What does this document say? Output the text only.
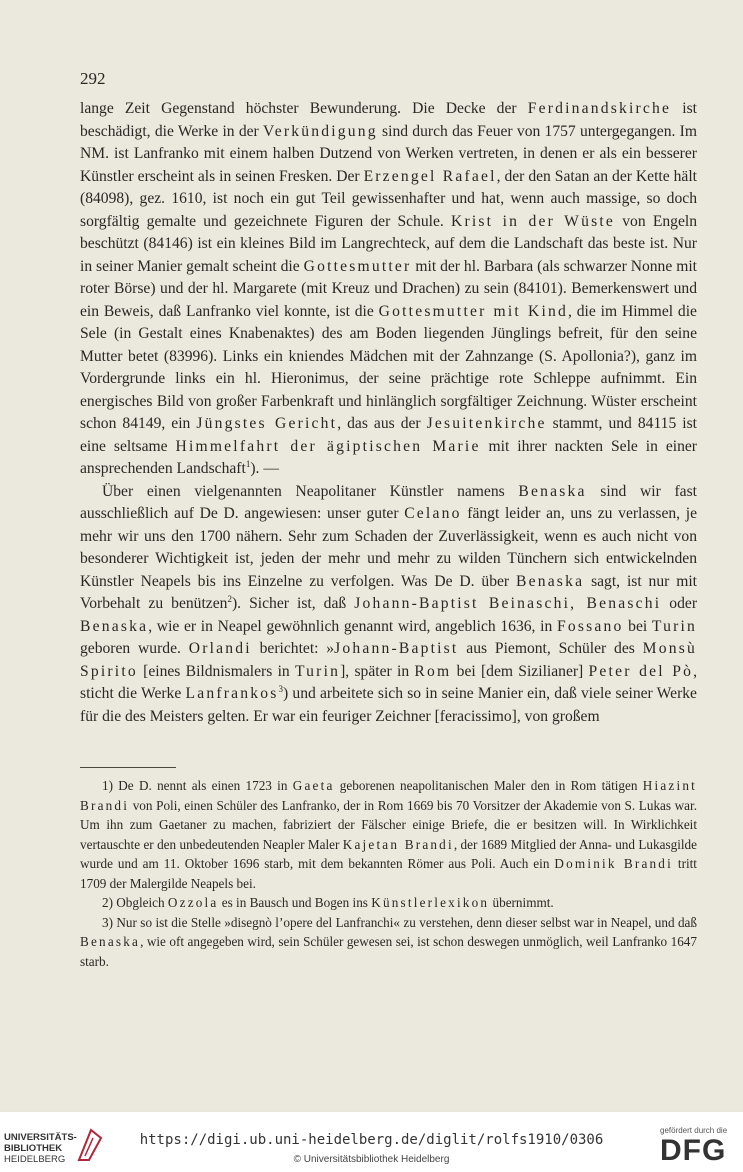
292

lange Zeit Gegenstand höchster Bewunderung. Die Decke der Ferdinandskirche ist beschädigt, die Werke in der Verkündigung sind durch das Feuer von 1757 untergegangen. Im NM. ist Lanfranko mit einem halben Dutzend von Werken vertreten, in denen er als ein besserer Künstler erscheint als in seinen Fresken. Der Erzengel Rafael, der den Satan an der Kette hält (84098), gez. 1610, ist noch ein gut Teil gewissenhafter und hat, wenn auch massige, so doch sorgfältig gemalte und gezeichnete Figuren der Schule. Krist in der Wüste von Engeln beschützt (84146) ist ein kleines Bild im Langrechteck, auf dem die Landschaft das beste ist. Nur in seiner Manier gemalt scheint die Gottesmutter mit der hl. Barbara (als schwarzer Nonne mit roter Börse) und der hl. Margarete (mit Kreuz und Drachen) zu sein (84101). Bemerkenswert und ein Beweis, daß Lanfranko viel konnte, ist die Gottesmutter mit Kind, die im Himmel die Sele (in Gestalt eines Knabenaktes) des am Boden liegenden Jünglings befreit, für den seine Mutter betet (83996). Links ein kniendes Mädchen mit der Zahnzange (S. Apollonia?), ganz im Vordergrunde links ein hl. Hieronimus, der seine prächtige rote Schleppe aufnimmt. Ein energisches Bild von großer Farbenkraft und hinlänglich sorgfältiger Zeichnung. Wüster erscheint schon 84149, ein Jüngstes Gericht, das aus der Jesuitenkirche stammt, und 84115 ist eine seltsame Himmelfahrt der ägiptischen Marie mit ihrer nackten Sele in einer ansprechenden Landschaft$^1$). —

Über einen vielgenannten Neapolitaner Künstler namens Benaska sind wir fast ausschließlich auf De D. angewiesen: unser guter Celano fängt leider an, uns zu verlassen, je mehr wir uns den 1700 nähern. Sehr zum Schaden der Zuverlässigkeit, wenn es auch nicht von besonderer Wichtigkeit ist, jeden der mehr und mehr zu wilden Tünchern sich entwickelnden Künstler Neapels bis ins Einzelne zu verfolgen. Was De D. über Benaska sagt, ist nur mit Vorbehalt zu benützen$^2$). Sicher ist, daß Johann-Baptist Beinaschi, Benaschi oder Benaska, wie er in Neapel gewöhnlich genannt wird, angeblich 1636, in Fossano bei Turin geboren wurde. Orlandi berichtet: »Johann-Baptist aus Piemont, Schüler des Monsù Spirito [eines Bildnismalers in Turin], später in Rom bei [dem Sizilianer] Peter del Pò, sticht die Werke Lanfrankos$^3$) und arbeitete sich so in seine Manier ein, daß viele seiner Werke für die des Meisters gelten. Er war ein feuriger Zeichner [feracissimo], von großem

1) De D. nennt als einen 1723 in Gaeta geborenen neapolitanischen Maler den in Rom tätigen Hiazint Brandi von Poli, einen Schüler des Lanfranko, der in Rom 1669 bis 70 Vorsitzer der Akademie von S. Lukas war. Um ihn zum Gaetaner zu machen, fabriziert der Fälscher einige Briefe, die er besitzen will. In Wirklichkeit vertauschte er den unbedeutenden Neapler Maler Kajetan Brandi, der 1689 Mitglied der Anna- und Lukasgilde wurde und am 11. Oktober 1696 starb, mit dem bekannten Römer aus Poli. Auch ein Dominik Brandi tritt 1709 der Malergilde Neapels bei.

2) Obgleich Ozzola es in Bausch und Bogen ins Künstlerlexikon übernimmt.

3) Nur so ist die Stelle »disegnò l’opere del Lanfranchi« zu verstehen, denn dieser selbst war in Neapel, und daß Benaska, wie oft angegeben wird, sein Schüler gewesen sei, ist schon deswegen unmöglich, weil Lanfranko 1647 starb.

UNIVERSITÄTS-
BIBLIOTHEK
HEIDELBERG
https://digi.ub.uni-heidelberg.de/diglit/rolfs1910/0306
© Universitätsbibliothek Heidelberg
gefördert durch die
DFG
